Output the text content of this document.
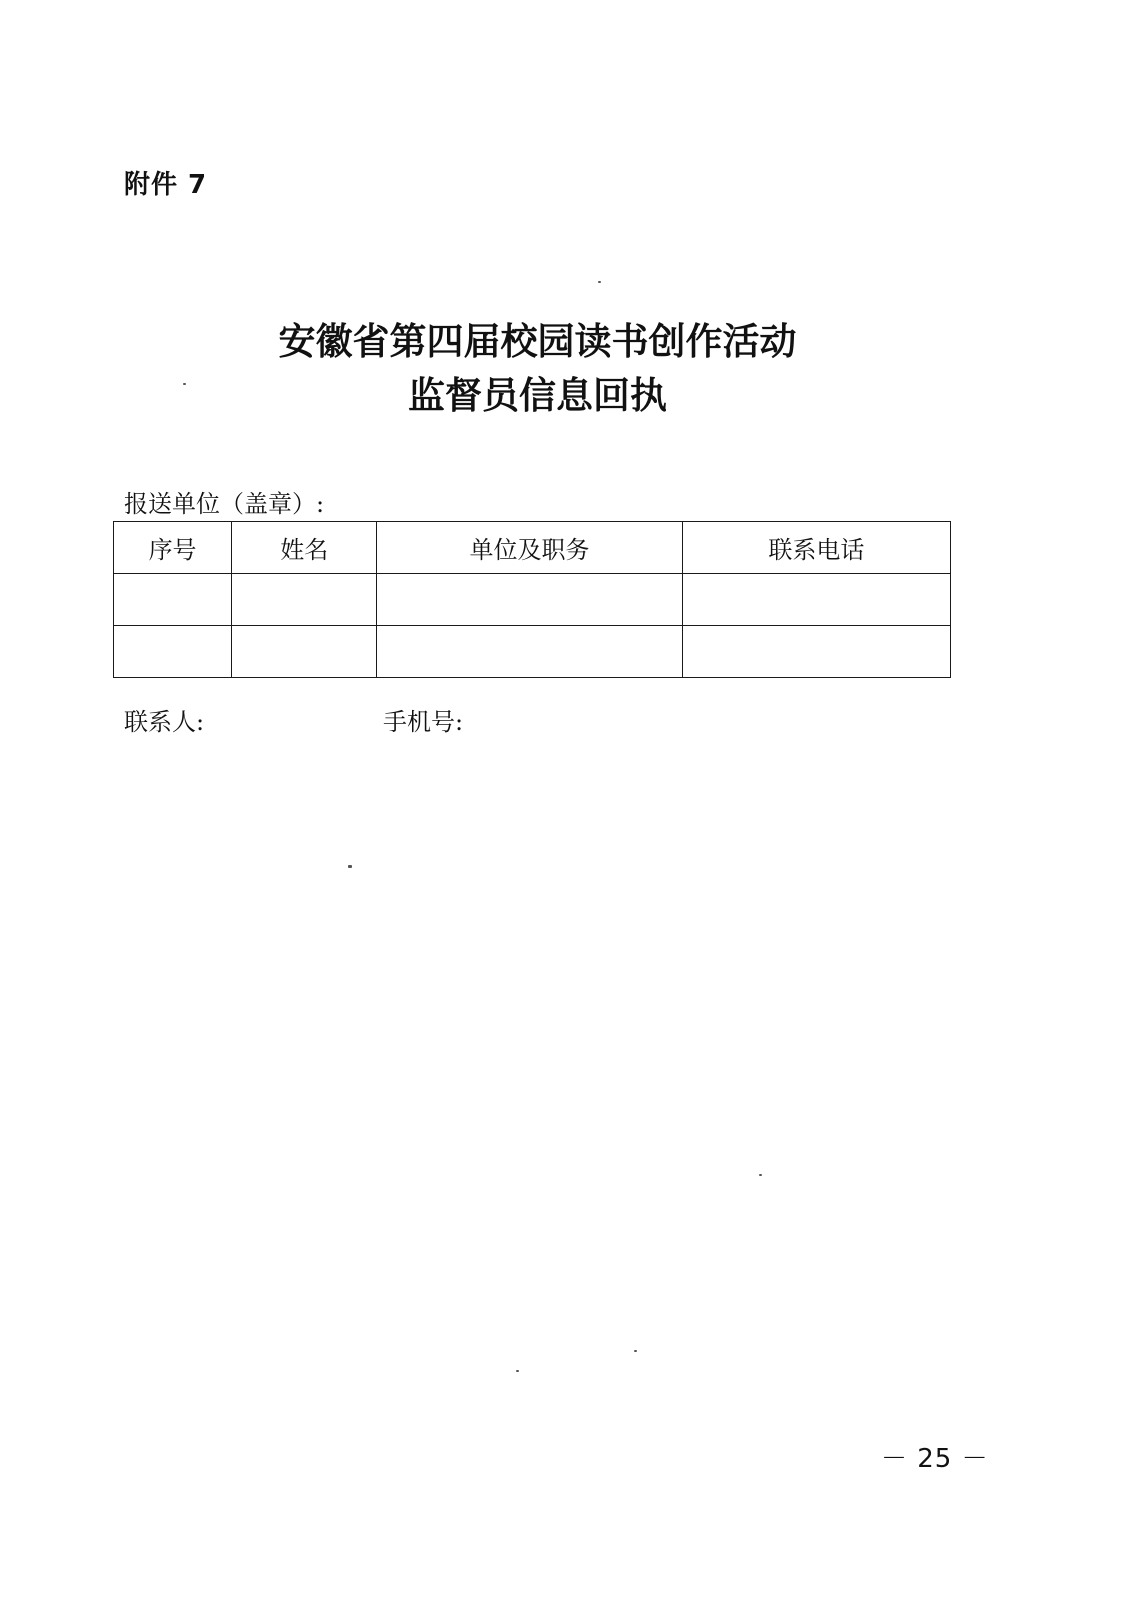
附件 7
安徽省第四届校园读书创作活动
监督员信息回执
报送单位（盖章）:
序号	姓名	单位及职务	联系电话

联系人:	手机号:
－ 25 －
